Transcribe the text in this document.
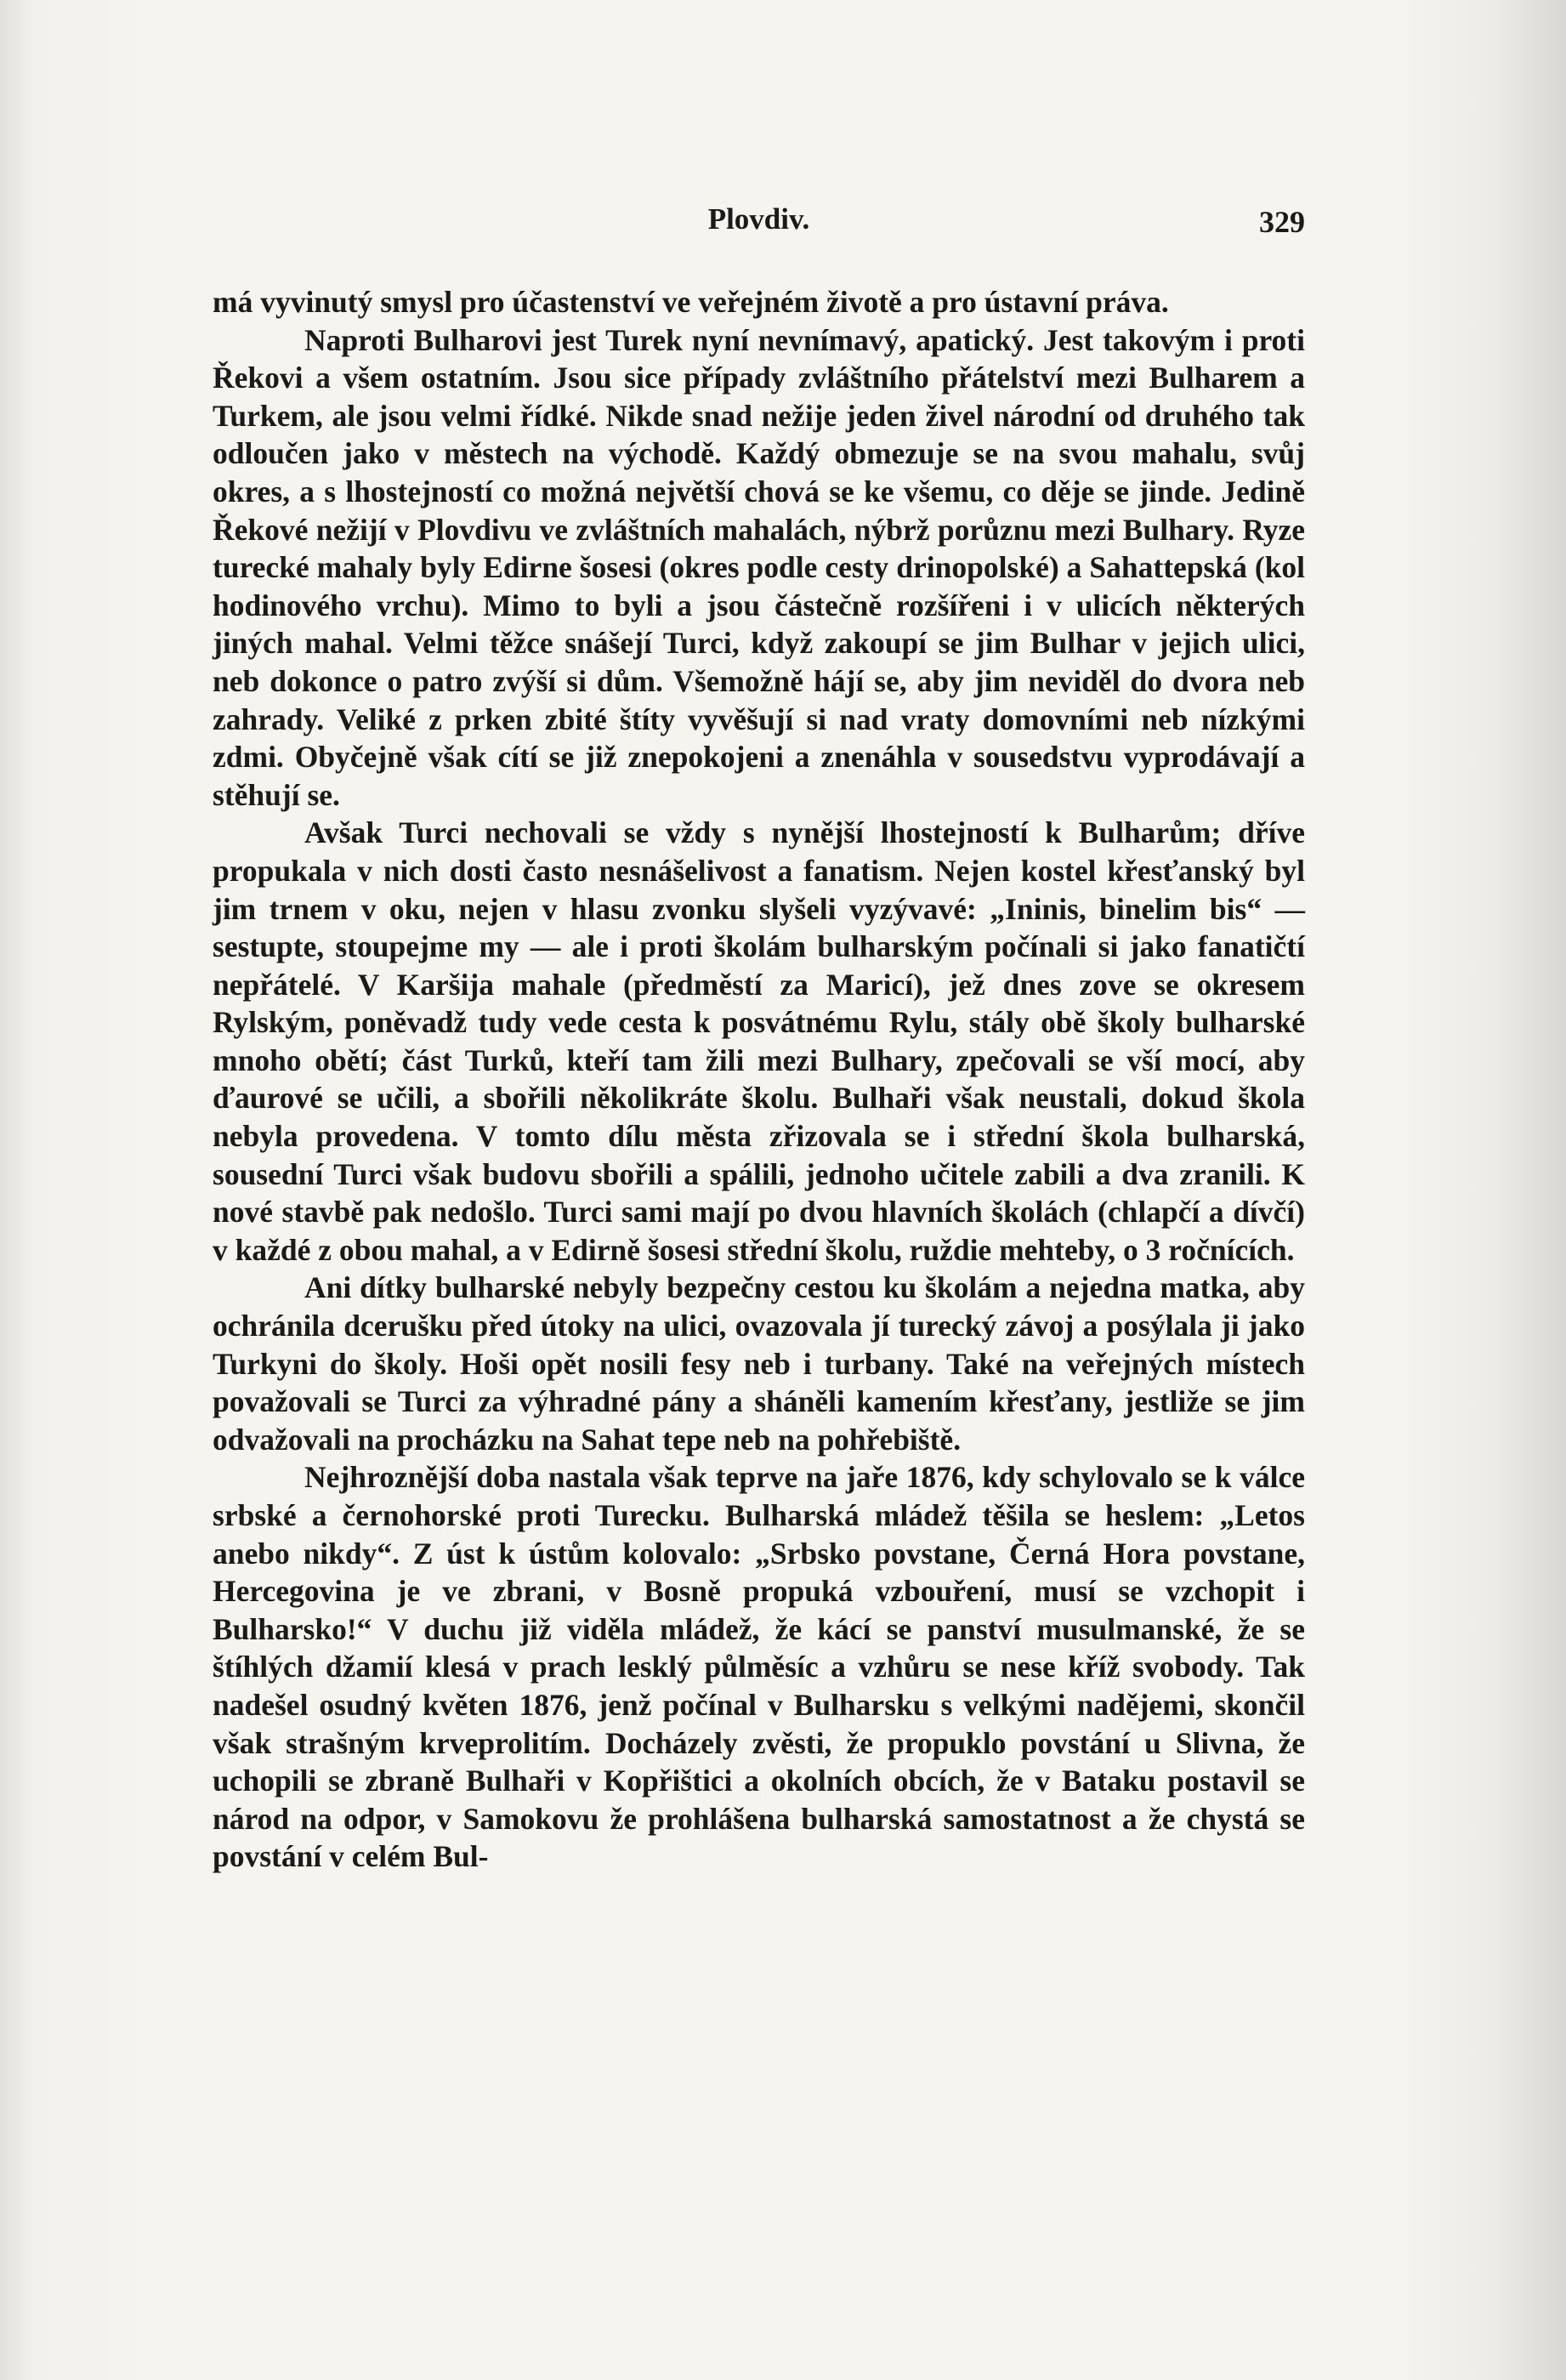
Plovdiv.	329

má vyvinutý smysl pro účastenství ve veřejném životě a pro ústavní práva.

Naproti Bulharovi jest Turek nyní nevnímavý, apatický. Jest takovým i proti Řekovi a všem ostatním. Jsou sice případy zvláštního přátelství mezi Bulharem a Turkem, ale jsou velmi řídké. Nikde snad nežije jeden živel národní od druhého tak odloučen jako v městech na východě. Každý obmezuje se na svou mahalu, svůj okres, a s lhostejností co možná největší chová se ke všemu, co děje se jinde. Jedině Řekové nežijí v Plovdivu ve zvláštních mahalách, nýbrž porůznu mezi Bulhary. Ryze turecké mahaly byly Edirne šosesi (okres podle cesty drinopolské) a Sahattepská (kol hodinového vrchu). Mimo to byli a jsou částečně rozšířeni i v ulicích některých jiných mahal. Velmi těžce snášejí Turci, když zakoupí se jim Bulhar v jejich ulici, neb dokonce o patro zvýší si dům. Všemožně hájí se, aby jim neviděl do dvora neb zahrady. Veliké z prken zbité štíty vyvěšují si nad vraty domovními neb nízkými zdmi. Obyčejně však cítí se již znepokojeni a znenáhla v sousedstvu vyprodávají a stěhují se.

Avšak Turci nechovali se vždy s nynější lhostejností k Bulharům; dříve propukala v nich dosti často nesnášelivost a fanatism. Nejen kostel křesťanský byl jim trnem v oku, nejen v hlasu zvonku slyšeli vyzývavé: „Ininis, binelim bis“ — sestupte, stoupejme my — ale i proti školám bulharským počínali si jako fanatičtí nepřátelé. V Karšija mahale (předměstí za Maricí), jež dnes zove se okresem Rylským, poněvadž tudy vede cesta k posvátnému Rylu, stály obě školy bulharské mnoho obětí; část Turků, kteří tam žili mezi Bulhary, zpečovali se vší mocí, aby ďaurové se učili, a sbořili několikráte školu. Bulhaři však neustali, dokud škola nebyla provedena. V tomto dílu města zřizovala se i střední škola bulharská, sousední Turci však budovu sbořili a spálili, jednoho učitele zabili a dva zranili. K nové stavbě pak nedošlo. Turci sami mají po dvou hlavních školách (chlapčí a dívčí) v každé z obou mahal, a v Edirně šosesi střední školu, ruždie mehteby, o 3 ročnících.

Ani dítky bulharské nebyly bezpečny cestou ku školám a nejedna matka, aby ochránila dcerušku před útoky na ulici, ovazovala jí turecký závoj a posýlala ji jako Turkyni do školy. Hoši opět nosili fesy neb i turbany. Také na veřejných místech považovali se Turci za výhradné pány a sháněli kamením křesťany, jestliže se jim odvažovali na procházku na Sahat tepe neb na pohřebiště.

Nejhroznější doba nastala však teprve na jaře 1876, kdy schylovalo se k válce srbské a černohorské proti Turecku. Bulharská mládež těšila se heslem: „Letos anebo nikdy“. Z úst k ústům kolovalo: „Srbsko povstane, Černá Hora povstane, Hercegovina je ve zbrani, v Bosně propuká vzbouření, musí se vzchopit i Bulharsko!“ V duchu již viděla mládež, že kácí se panství musulmanské, že se štíhlých džamií klesá v prach lesklý půlměsíc a vzhůru se nese kříž svobody. Tak nadešel osudný květen 1876, jenž počínal v Bulharsku s velkými nadějemi, skončil však strašným krveprolitím. Docházely zvěsti, že propuklo povstání u Slivna, že uchopili se zbraně Bulhaři v Kopřištici a okolních obcích, že v Bataku postavil se národ na odpor, v Samokovu že prohlášena bulharská samostatnost a že chystá se povstání v celém Bul-
